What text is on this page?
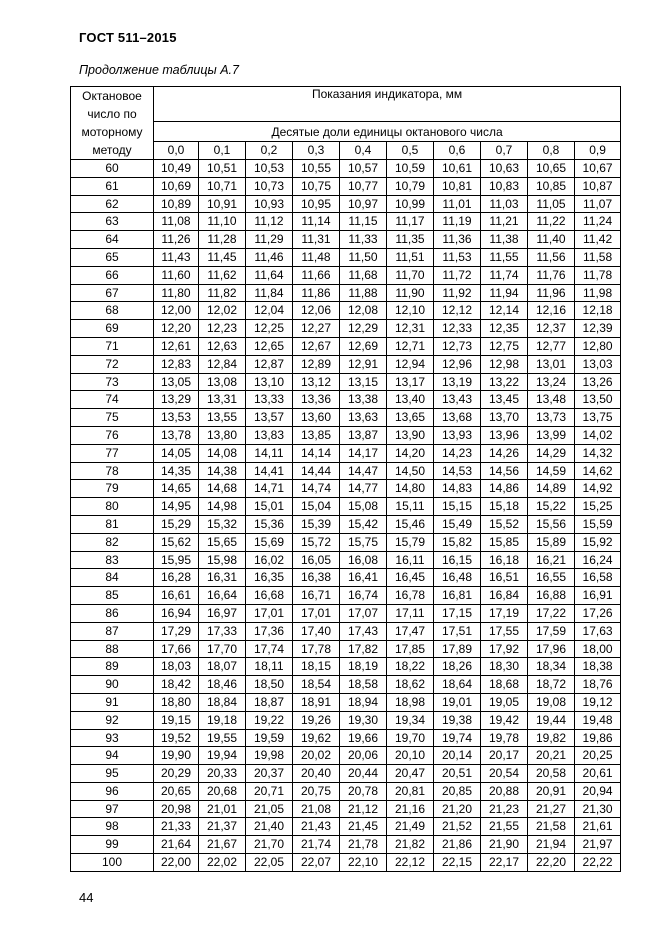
ГОСТ 511–2015
Продолжение таблицы А.7
Октановое число по моторному методу	Показания индикатора, мм									
	Десятые доли единицы октанового числа									
	0,0	0,1	0,2	0,3	0,4	0,5	0,6	0,7	0,8	0,9
60	10,49	10,51	10,53	10,55	10,57	10,59	10,61	10,63	10,65	10,67
61	10,69	10,71	10,73	10,75	10,77	10,79	10,81	10,83	10,85	10,87
62	10,89	10,91	10,93	10,95	10,97	10,99	11,01	11,03	11,05	11,07
63	11,08	11,10	11,12	11,14	11,15	11,17	11,19	11,21	11,22	11,24
64	11,26	11,28	11,29	11,31	11,33	11,35	11,36	11,38	11,40	11,42
65	11,43	11,45	11,46	11,48	11,50	11,51	11,53	11,55	11,56	11,58
66	11,60	11,62	11,64	11,66	11,68	11,70	11,72	11,74	11,76	11,78
67	11,80	11,82	11,84	11,86	11,88	11,90	11,92	11,94	11,96	11,98
68	12,00	12,02	12,04	12,06	12,08	12,10	12,12	12,14	12,16	12,18
69	12,20	12,23	12,25	12,27	12,29	12,31	12,33	12,35	12,37	12,39
71	12,61	12,63	12,65	12,67	12,69	12,71	12,73	12,75	12,77	12,80
72	12,83	12,84	12,87	12,89	12,91	12,94	12,96	12,98	13,01	13,03
73	13,05	13,08	13,10	13,12	13,15	13,17	13,19	13,22	13,24	13,26
74	13,29	13,31	13,33	13,36	13,38	13,40	13,43	13,45	13,48	13,50
75	13,53	13,55	13,57	13,60	13,63	13,65	13,68	13,70	13,73	13,75
76	13,78	13,80	13,83	13,85	13,87	13,90	13,93	13,96	13,99	14,02
77	14,05	14,08	14,11	14,14	14,17	14,20	14,23	14,26	14,29	14,32
78	14,35	14,38	14,41	14,44	14,47	14,50	14,53	14,56	14,59	14,62
79	14,65	14,68	14,71	14,74	14,77	14,80	14,83	14,86	14,89	14,92
80	14,95	14,98	15,01	15,04	15,08	15,11	15,15	15,18	15,22	15,25
81	15,29	15,32	15,36	15,39	15,42	15,46	15,49	15,52	15,56	15,59
82	15,62	15,65	15,69	15,72	15,75	15,79	15,82	15,85	15,89	15,92
83	15,95	15,98	16,02	16,05	16,08	16,11	16,15	16,18	16,21	16,24
84	16,28	16,31	16,35	16,38	16,41	16,45	16,48	16,51	16,55	16,58
85	16,61	16,64	16,68	16,71	16,74	16,78	16,81	16,84	16,88	16,91
86	16,94	16,97	17,01	17,01	17,07	17,11	17,15	17,19	17,22	17,26
87	17,29	17,33	17,36	17,40	17,43	17,47	17,51	17,55	17,59	17,63
88	17,66	17,70	17,74	17,78	17,82	17,85	17,89	17,92	17,96	18,00
89	18,03	18,07	18,11	18,15	18,19	18,22	18,26	18,30	18,34	18,38
90	18,42	18,46	18,50	18,54	18,58	18,62	18,64	18,68	18,72	18,76
91	18,80	18,84	18,87	18,91	18,94	18,98	19,01	19,05	19,08	19,12
92	19,15	19,18	19,22	19,26	19,30	19,34	19,38	19,42	19,44	19,48
93	19,52	19,55	19,59	19,62	19,66	19,70	19,74	19,78	19,82	19,86
94	19,90	19,94	19,98	20,02	20,06	20,10	20,14	20,17	20,21	20,25
95	20,29	20,33	20,37	20,40	20,44	20,47	20,51	20,54	20,58	20,61
96	20,65	20,68	20,71	20,75	20,78	20,81	20,85	20,88	20,91	20,94
97	20,98	21,01	21,05	21,08	21,12	21,16	21,20	21,23	21,27	21,30
98	21,33	21,37	21,40	21,43	21,45	21,49	21,52	21,55	21,58	21,61
99	21,64	21,67	21,70	21,74	21,78	21,82	21,86	21,90	21,94	21,97
100	22,00	22,02	22,05	22,07	22,10	22,12	22,15	22,17	22,20	22,22
44
